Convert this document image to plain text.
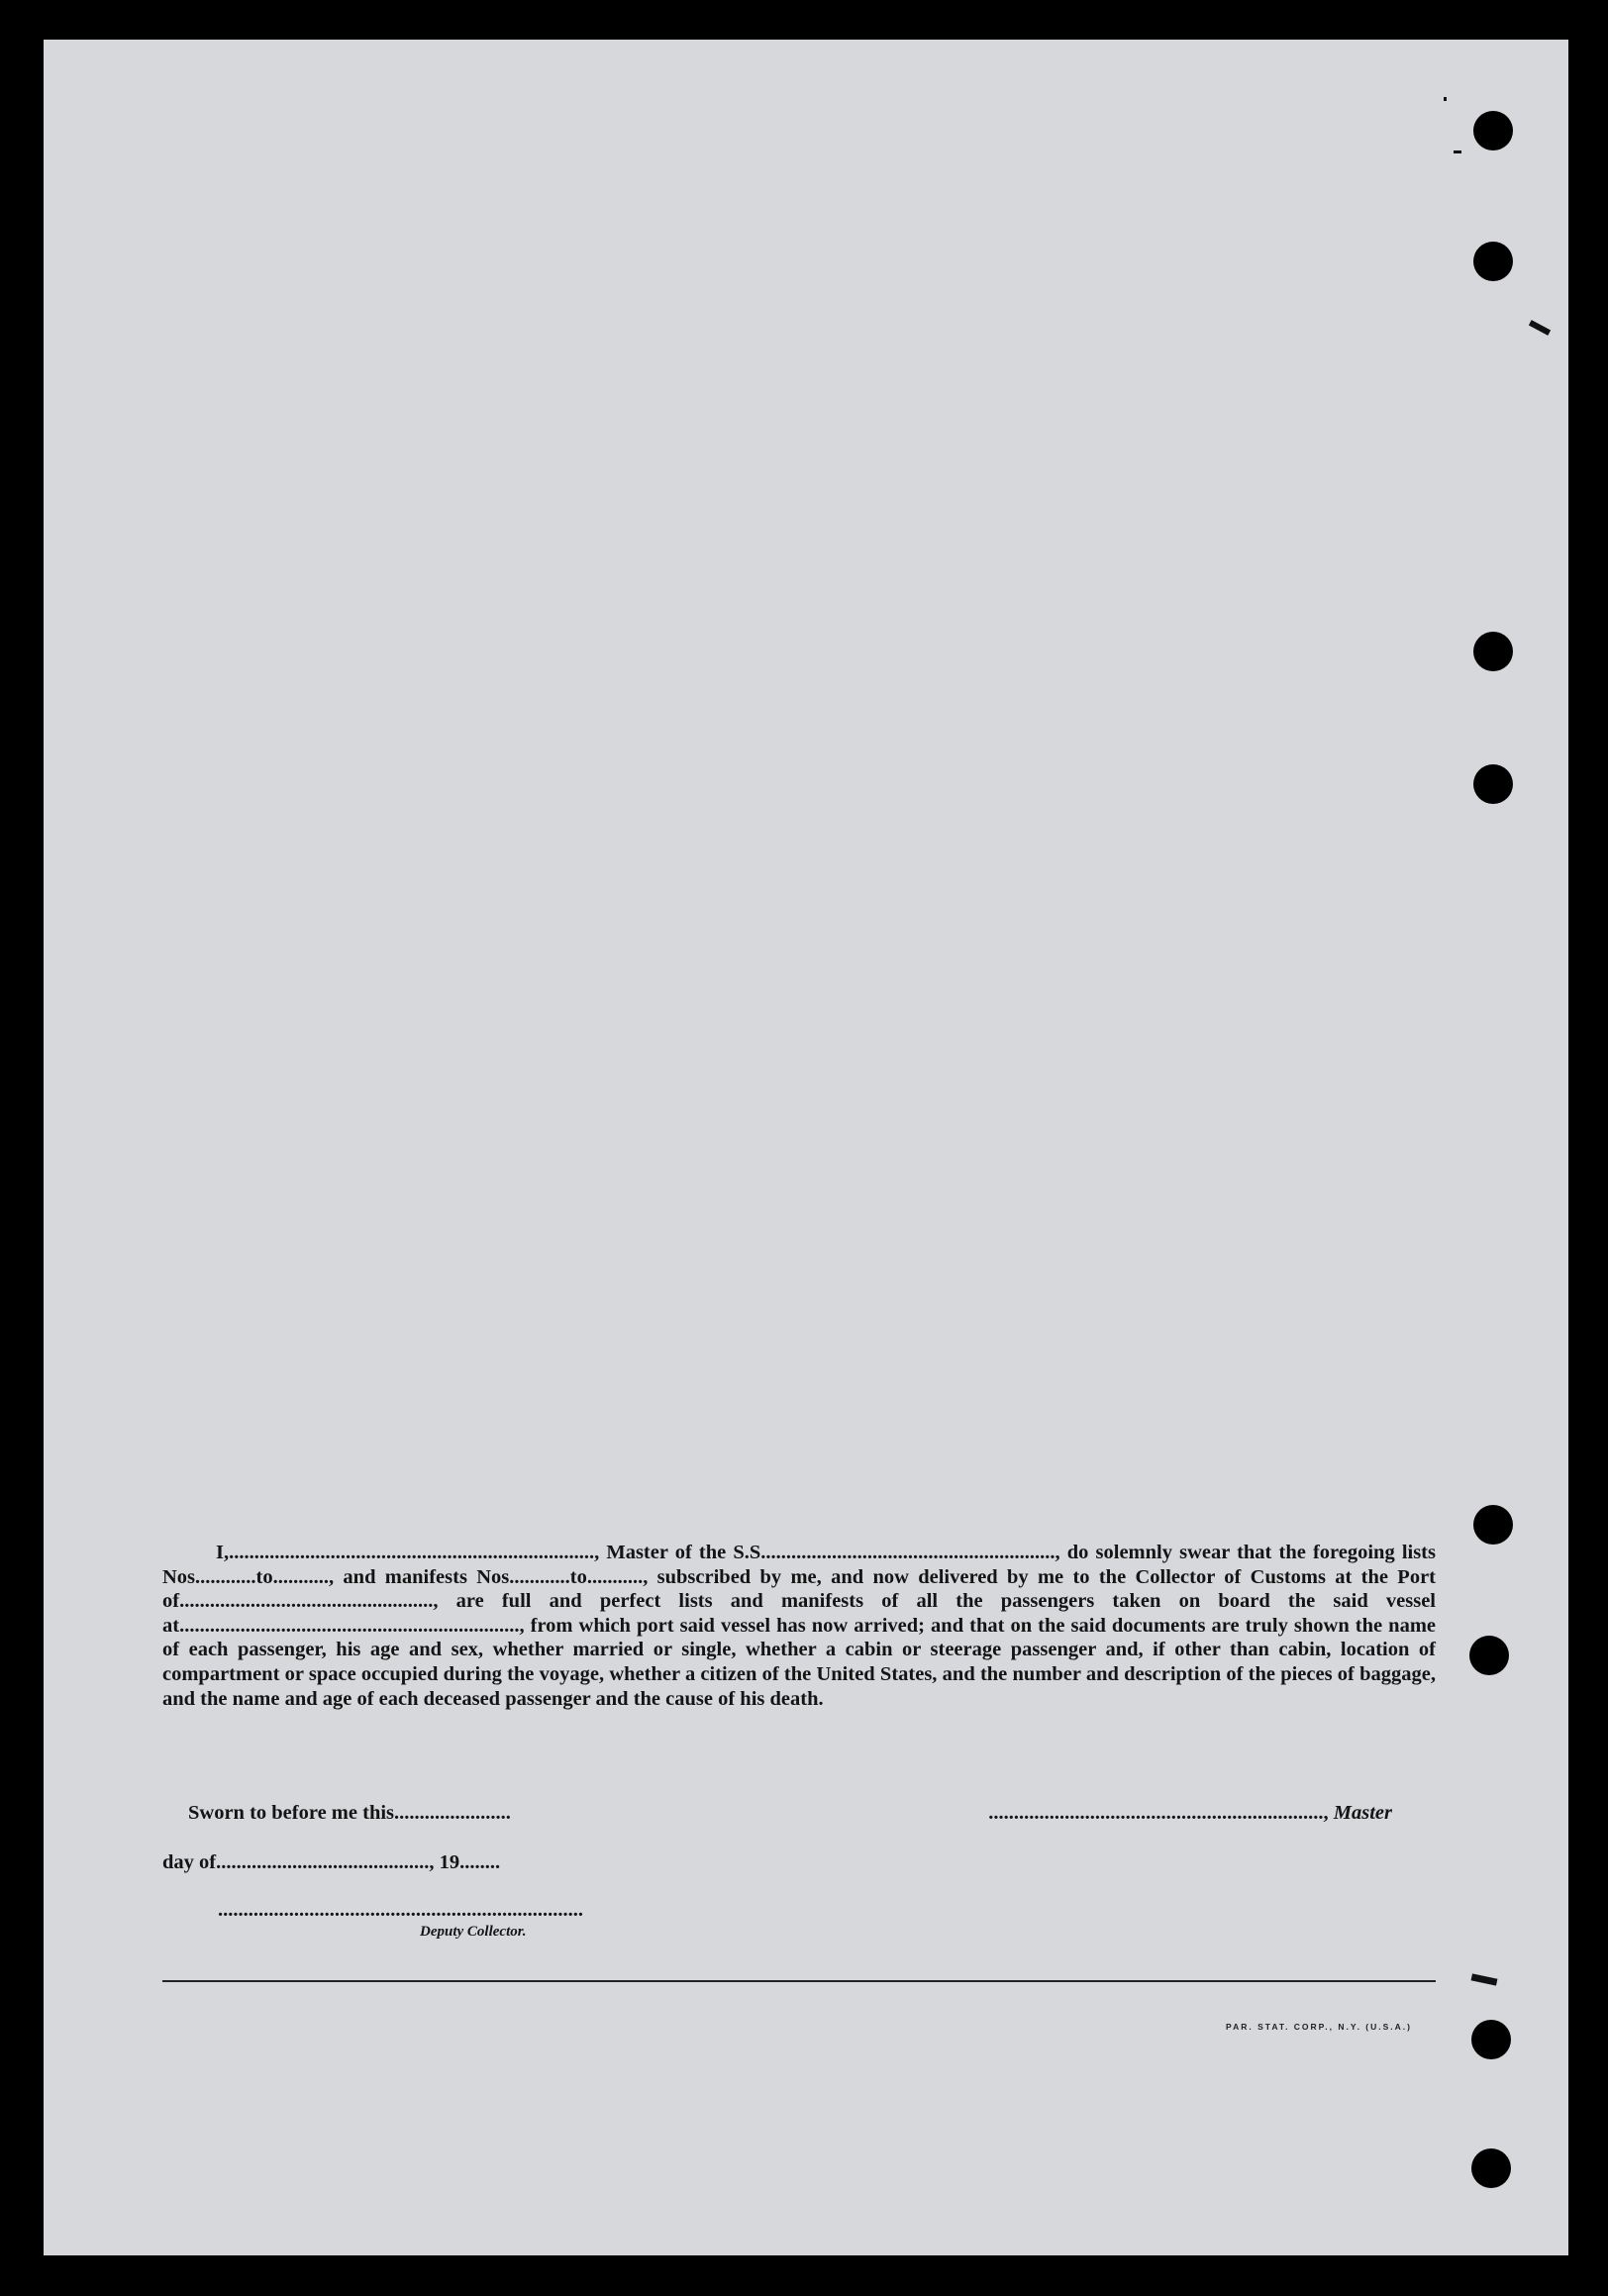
I,........................................................................, Master of the S.S.........................................................., do solemnly swear that the foregoing lists Nos............to..........., and manifests Nos............to..........., subscribed by me, and now delivered by me to the Collector of Customs at the Port of.................................................., are full and perfect lists and manifests of all the passengers taken on board the said vessel at..................................................................., from which port said vessel has now arrived; and that on the said documents are truly shown the name of each passenger, his age and sex, whether married or single, whether a cabin or steerage passenger and, if other than cabin, location of compartment or space occupied during the voyage, whether a citizen of the United States, and the number and description of the pieces of baggage, and the name and age of each deceased passenger and the cause of his death.

Sworn to before me this.......................	.................................................................., Master
day of.........................................., 19........
........................................................................
Deputy Collector.
PAR. STAT. CORP., N.Y. (U.S.A.)
